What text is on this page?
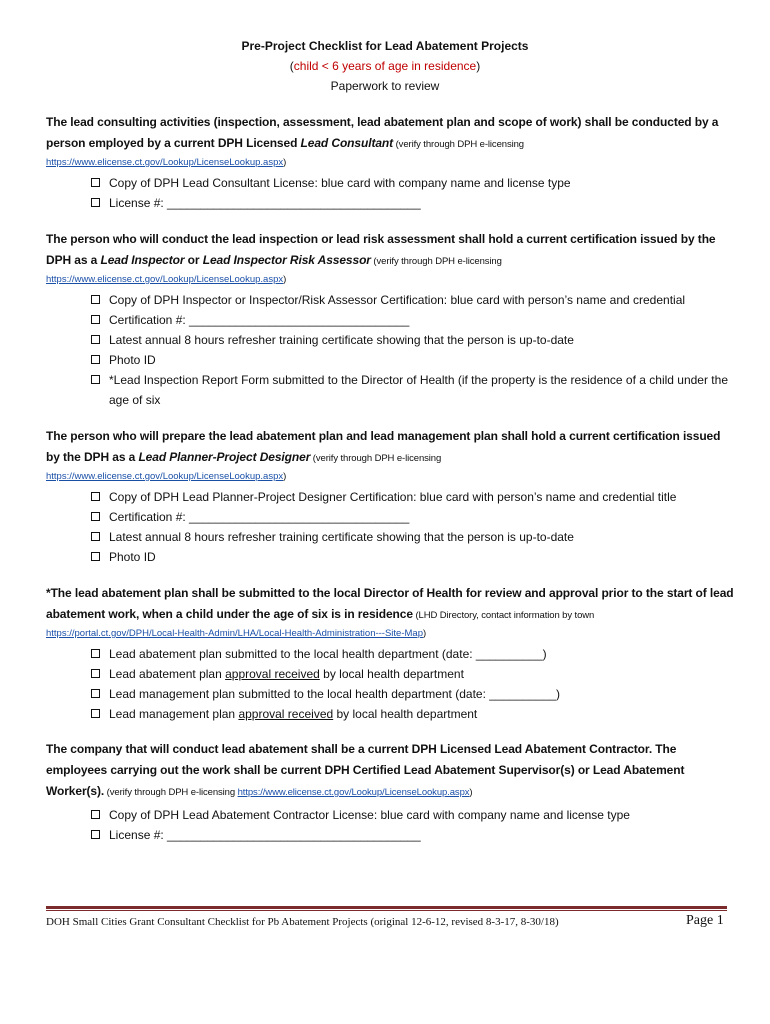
Pre-Project Checklist for Lead Abatement Projects
(child < 6 years of age in residence)
Paperwork to review
The lead consulting activities (inspection, assessment, lead abatement plan and scope of work) shall be conducted by a person employed by a current DPH Licensed Lead Consultant (verify through DPH e-licensing
https://www.elicense.ct.gov/Lookup/LicenseLookup.aspx)
Copy of DPH Lead Consultant License: blue card with company name and license type
License #: ______________________________________
The person who will conduct the lead inspection or lead risk assessment shall hold a current certification issued by the DPH as a Lead Inspector or Lead Inspector Risk Assessor (verify through DPH e-licensing
https://www.elicense.ct.gov/Lookup/LicenseLookup.aspx)
Copy of DPH Inspector or Inspector/Risk Assessor Certification: blue card with person’s name and credential
Certification #: _________________________________
Latest annual 8 hours refresher training certificate showing that the person is up-to-date
Photo ID
*Lead Inspection Report Form submitted to the Director of Health (if the property is the residence of a child under the age of six
The person who will prepare the lead abatement plan and lead management plan shall hold a current certification issued by the DPH as a Lead Planner-Project Designer (verify through DPH e-licensing
https://www.elicense.ct.gov/Lookup/LicenseLookup.aspx)
Copy of DPH Lead Planner-Project Designer Certification: blue card with person’s name and credential title
Certification #: _________________________________
Latest annual 8 hours refresher training certificate showing that the person is up-to-date
Photo ID
*The lead abatement plan shall be submitted to the local Director of Health for review and approval prior to the start of lead abatement work, when a child under the age of six is in residence (LHD Directory, contact information by town
https://portal.ct.gov/DPH/Local-Health-Admin/LHA/Local-Health-Administration---Site-Map)
Lead abatement plan submitted to the local health department (date: __________)
Lead abatement plan approval received by local health department
Lead management plan submitted to the local health department (date: __________)
Lead management plan approval received by local health department
The company that will conduct lead abatement shall be a current DPH Licensed Lead Abatement Contractor. The employees carrying out the work shall be current DPH Certified Lead Abatement Supervisor(s) or Lead Abatement Worker(s). (verify through DPH e-licensing https://www.elicense.ct.gov/Lookup/LicenseLookup.aspx)
Copy of DPH Lead Abatement Contractor License: blue card with company name and license type
License #: ______________________________________
DOH Small Cities Grant Consultant Checklist for Pb Abatement Projects (original 12-6-12, revised 8-3-17, 8-30/18)	Page 1
